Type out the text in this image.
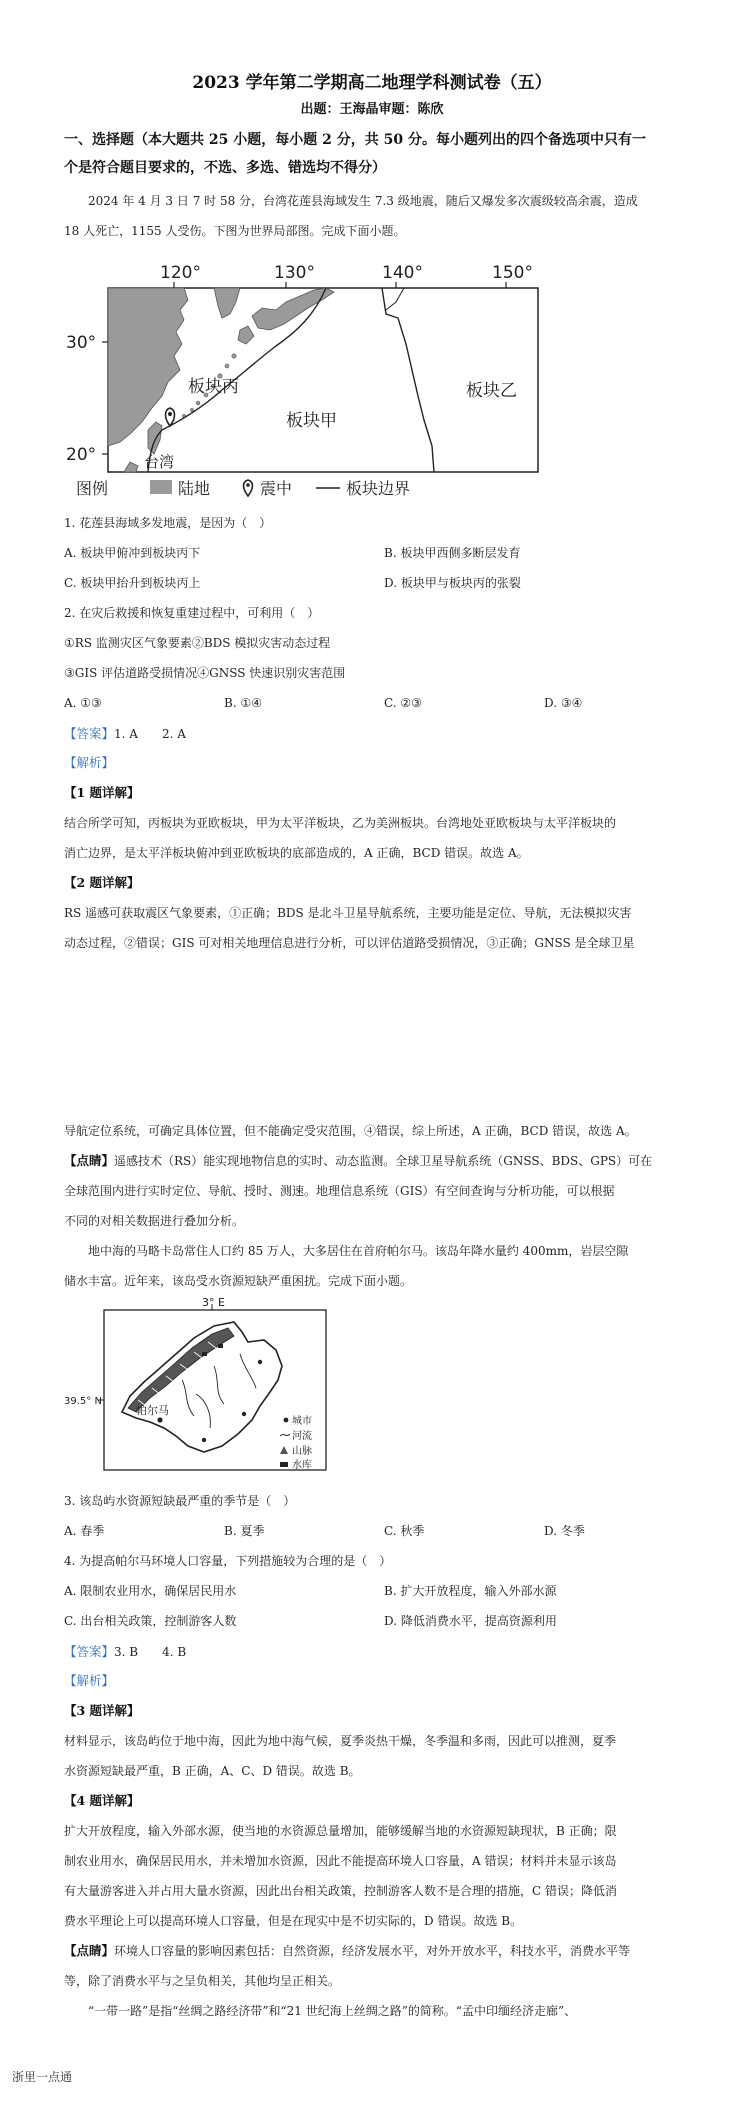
2023 学年第二学期高二地理学科测试卷（五）
出题：王海晶审题：陈欣
一、选择题（本大题共 25 小题，每小题 2 分，共 50 分。每小题列出的四个备选项中只有一
个是符合题目要求的，不选、多选、错选均不得分）
2024 年 4 月 3 日 7 时 58 分，台湾花莲县海域发生 7.3 级地震，随后又爆发多次震级较高余震，造成
18 人死亡，1155 人受伤。下图为世界局部图。完成下面小题。
120°	130°	140°	150°
30°
20°
板块丙
板块甲
板块乙
台湾
图例	陆地	震中	板块边界
1. 花莲县海域多发地震，是因为（　）
A. 板块甲俯冲到板块丙下	B. 板块甲西侧多断层发育
C. 板块甲抬升到板块丙上	D. 板块甲与板块丙的张裂
2. 在灾后救援和恢复重建过程中，可利用（　）
①RS 监测灾区气象要素②BDS 模拟灾害动态过程
③GIS 评估道路受损情况④GNSS 快速识别灾害范围
A. ①③	B. ①④	C. ②③	D. ③④
【答案】1. A　　2. A
【解析】
【1 题详解】
结合所学可知，丙板块为亚欧板块，甲为太平洋板块，乙为美洲板块。台湾地处亚欧板块与太平洋板块的
消亡边界，是太平洋板块俯冲到亚欧板块的底部造成的，A 正确，BCD 错误。故选 A。
【2 题详解】
RS 遥感可获取震区气象要素，①正确；BDS 是北斗卫星导航系统，主要功能是定位、导航，无法模拟灾害
动态过程，②错误；GIS 可对相关地理信息进行分析，可以评估道路受损情况，③正确；GNSS 是全球卫星
导航定位系统，可确定具体位置，但不能确定受灾范围，④错误，综上所述，A 正确，BCD 错误，故选 A。
【点睛】遥感技术（RS）能实现地物信息的实时、动态监测。全球卫星导航系统（GNSS、BDS、GPS）可在
全球范围内进行实时定位、导航、授时、测速。地理信息系统（GIS）有空间查询与分析功能，可以根据
不同的对相关数据进行叠加分析。
地中海的马略卡岛常住人口约 85 万人，大多居住在首府帕尔马。该岛年降水量约 400mm，岩层空隙
储水丰富。近年来，该岛受水资源短缺严重困扰。完成下面小题。
3° E
39.5° N
帕尔马
城市
河流
山脉
水库
3. 该岛屿水资源短缺最严重的季节是（　）
A. 春季	B. 夏季	C. 秋季	D. 冬季
4. 为提高帕尔马环境人口容量，下列措施较为合理的是（　）
A. 限制农业用水，确保居民用水	B. 扩大开放程度，输入外部水源
C. 出台相关政策，控制游客人数	D. 降低消费水平，提高资源利用
【答案】3. B　　4. B
【解析】
【3 题详解】
材料显示，该岛屿位于地中海，因此为地中海气候，夏季炎热干燥，冬季温和多雨，因此可以推测，夏季
水资源短缺最严重，B 正确，A、C、D 错误。故选 B。
【4 题详解】
扩大开放程度，输入外部水源，使当地的水资源总量增加，能够缓解当地的水资源短缺现状，B 正确；限
制农业用水，确保居民用水，并未增加水资源，因此不能提高环境人口容量，A 错误；材料并未显示该岛
有大量游客进入并占用大量水资源，因此出台相关政策，控制游客人数不是合理的措施，C 错误；降低消
费水平理论上可以提高环境人口容量，但是在现实中是不切实际的，D 错误。故选 B。
【点睛】环境人口容量的影响因素包括：自然资源，经济发展水平，对外开放水平，科技水平，消费水平等
等，除了消费水平与之呈负相关，其他均呈正相关。
“一带一路”是指“丝绸之路经济带”和“21 世纪海上丝绸之路”的简称。“孟中印缅经济走廊”、
浙里一点通
